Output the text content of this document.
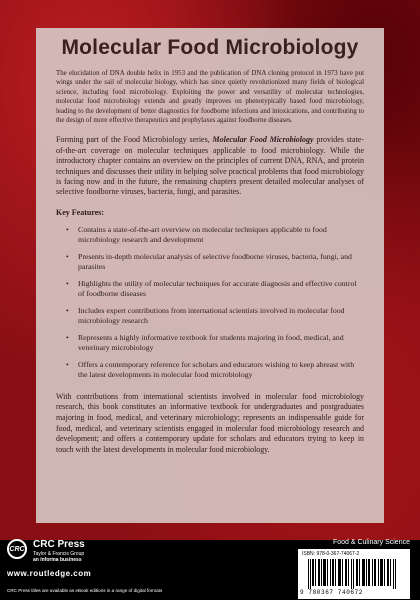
Molecular Food Microbiology

The elucidation of DNA double helix in 1953 and the publication of DNA cloning protocol in 1973 have put wings under the sail of molecular biology, which has since quietly revolutionized many fields of biological science, including food microbiology. Exploiting the power and versatility of molecular technologies, molecular food microbiology extends and greatly improves on phenotypically based food microbiology, leading to the development of better diagnostics for foodborne infections and intoxications, and contributing to the design of more effective therapeutics and prophylaxes against foodborne diseases.

Forming part of the Food Microbiology series, Molecular Food Microbiology provides state-of-the-art coverage on molecular techniques applicable to food microbiology. While the introductory chapter contains an overview on the principles of current DNA, RNA, and protein techniques and discusses their utility in helping solve practical problems that food microbiology is facing now and in the future, the remaining chapters present detailed molecular analyses of selective foodborne viruses, bacteria, fungi, and parasites.

Key Features:
• Contains a state-of-the-art overview on molecular techniques applicable to food microbiology research and development
• Presents in-depth molecular analysis of selective foodborne viruses, bacteria, fungi, and parasites
• Highlights the utility of molecular techniques for accurate diagnosis and effective control of foodborne diseases
• Includes expert contributions from international scientists involved in molecular food microbiology research
• Represents a highly informative textbook for students majoring in food, medical, and veterinary microbiology
• Offers a contemporary reference for scholars and educators wishing to keep abreast with the latest developments in molecular food microbiology

With contributions from international scientists involved in molecular food microbiology research, this book constitutes an informative textbook for undergraduates and postgraduates majoring in food, medical, and veterinary microbiology; represents an indispensable guide for food, medical, and veterinary scientists engaged in molecular food microbiology research and development; and offers a contemporary update for scholars and educators trying to keep in touch with the latest developments in molecular food microbiology.

CRC CRC Press
Taylor & Francis Group
an informa business
www.routledge.com
CRC Press titles are available as eBook editions in a range of digital formats
Food & Culinary Science
ISBN: 978-0-367-74067-2
9 780367 740672
